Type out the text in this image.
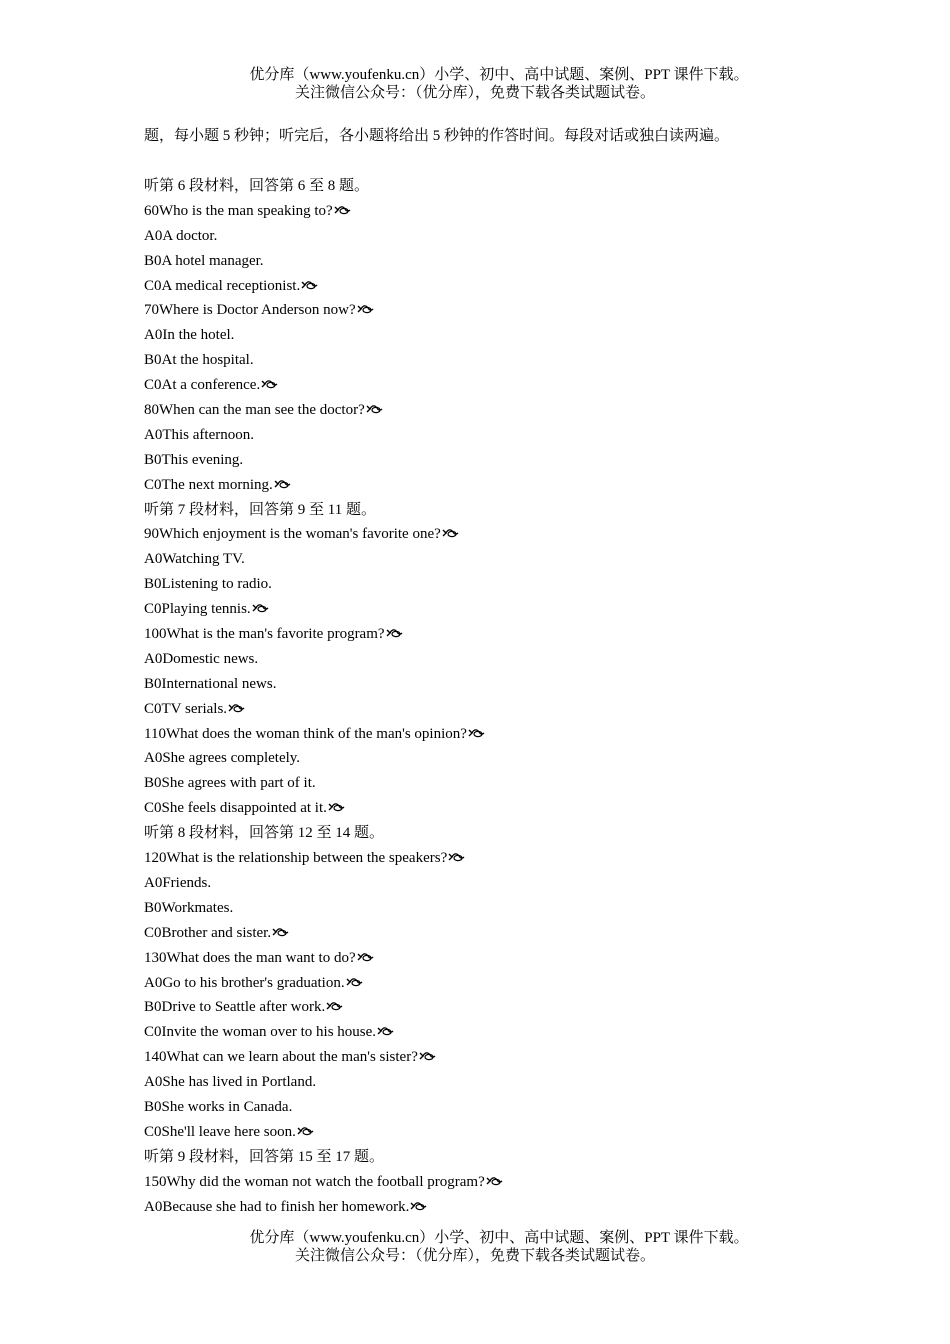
优分库（www.youfenku.cn）小学、初中、高中试题、案例、PPT 课件下载。
关注微信公众号：（优分库），免费下载各类试题试卷。
题，每小题 5 秒钟；听完后，各小题将给出 5 秒钟的作答时间。每段对话或独白读两遍。
听第 6 段材料，回答第 6 至 8 题。
60Who is the man speaking to?
A0A doctor.
B0A hotel manager.
C0A medical receptionist.
70Where is Doctor Anderson now?
A0In the hotel.
B0At the hospital.
C0At a conference.
80When can the man see the doctor?
A0This afternoon.
B0This evening.
C0The next morning.
听第 7 段材料，回答第 9 至 11 题。
90Which enjoyment is the woman's favorite one?
A0Watching TV.
B0Listening to radio.
C0Playing tennis.
100What is the man's favorite program?
A0Domestic news.
B0International news.
C0TV serials.
110What does the woman think of the man's opinion?
A0She agrees completely.
B0She agrees with part of it.
C0She feels disappointed at it.
听第 8 段材料，回答第 12 至 14 题。
120What is the relationship between the speakers?
A0Friends.
B0Workmates.
C0Brother and sister.
130What does the man want to do?
A0Go to his brother's graduation.
B0Drive to Seattle after work.
C0Invite the woman over to his house.
140What can we learn about the man's sister?
A0She has lived in Portland.
B0She works in Canada.
C0She'll leave here soon.
听第 9 段材料，回答第 15 至 17 题。
150Why did the woman not watch the football program?
A0Because she had to finish her homework.
优分库（www.youfenku.cn）小学、初中、高中试题、案例、PPT 课件下载。
关注微信公众号：（优分库），免费下载各类试题试卷。
